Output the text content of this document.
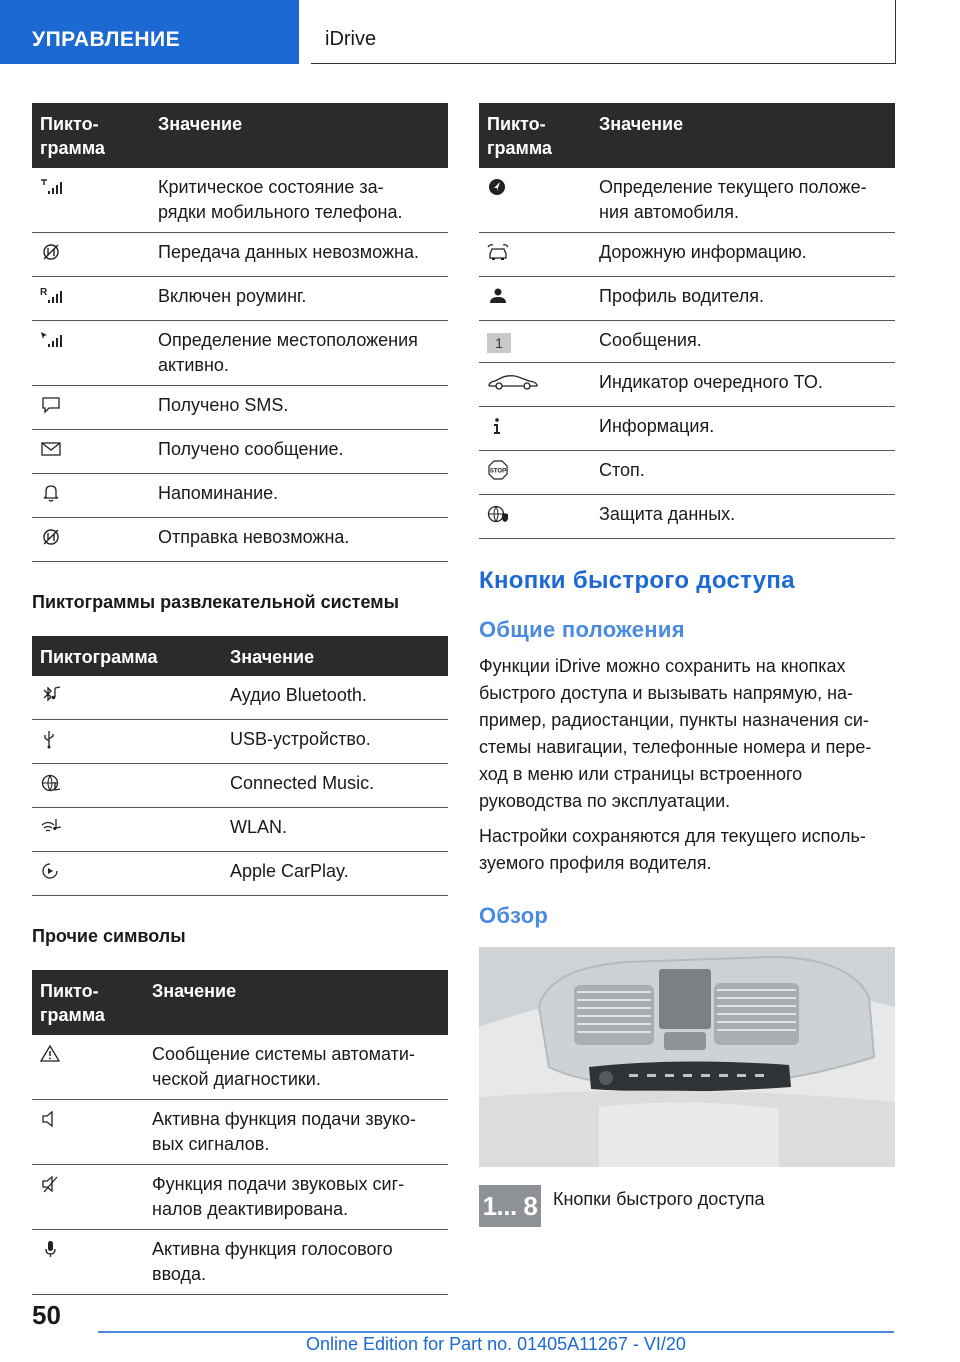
УПРАВЛЕНИЕ	iDrive
Пикто-
грамма	Значение

	Критическое состояние за-
рядки мобильного телефона.

	Передача данных невозможна.

R	Включен роуминг.

	Определение местоположения
активно.

	Получено SMS.

	Получено сообщение.

	Напоминание.

	Отправка невозможна.
Пиктограммы развлекательной системы
Пиктограмма	Значение

	Аудио Bluetooth.

	USB-устройство.

	Connected Music.

	WLAN.

	Apple CarPlay.
Прочие символы
Пикто-
грамма	Значение

	Сообщение системы автомати-
ческой диагностики.

	Активна функция подачи звуко-
вых сигналов.

	Функция подачи звуковых сиг-
налов деактивирована.

	Активна функция голосового
ввода.
Пикто-
грамма	Значение

	Определение текущего положе-
ния автомобиля.

	Дорожную информацию.

	Профиль водителя.
1	Сообщения.

	Индикатор очередного ТО.

	Информация.

STOP	Стоп.

	Защита данных.
Кнопки быстрого доступа
Общие положения

Функции iDrive можно сохранить на кнопках быстрого доступа и вызывать напрямую, на-пример, радиостанции, пункты назначения си-стемы навигации, телефонные номера и пере-ход в меню или страницы встроенного руководства по эксплуатации.

Настройки сохраняются для текущего исполь-зуемого профиля водителя.

Обзор
1... 8 Кнопки быстрого доступа
50
Online Edition for Part no. 01405A11267 - VI/20
